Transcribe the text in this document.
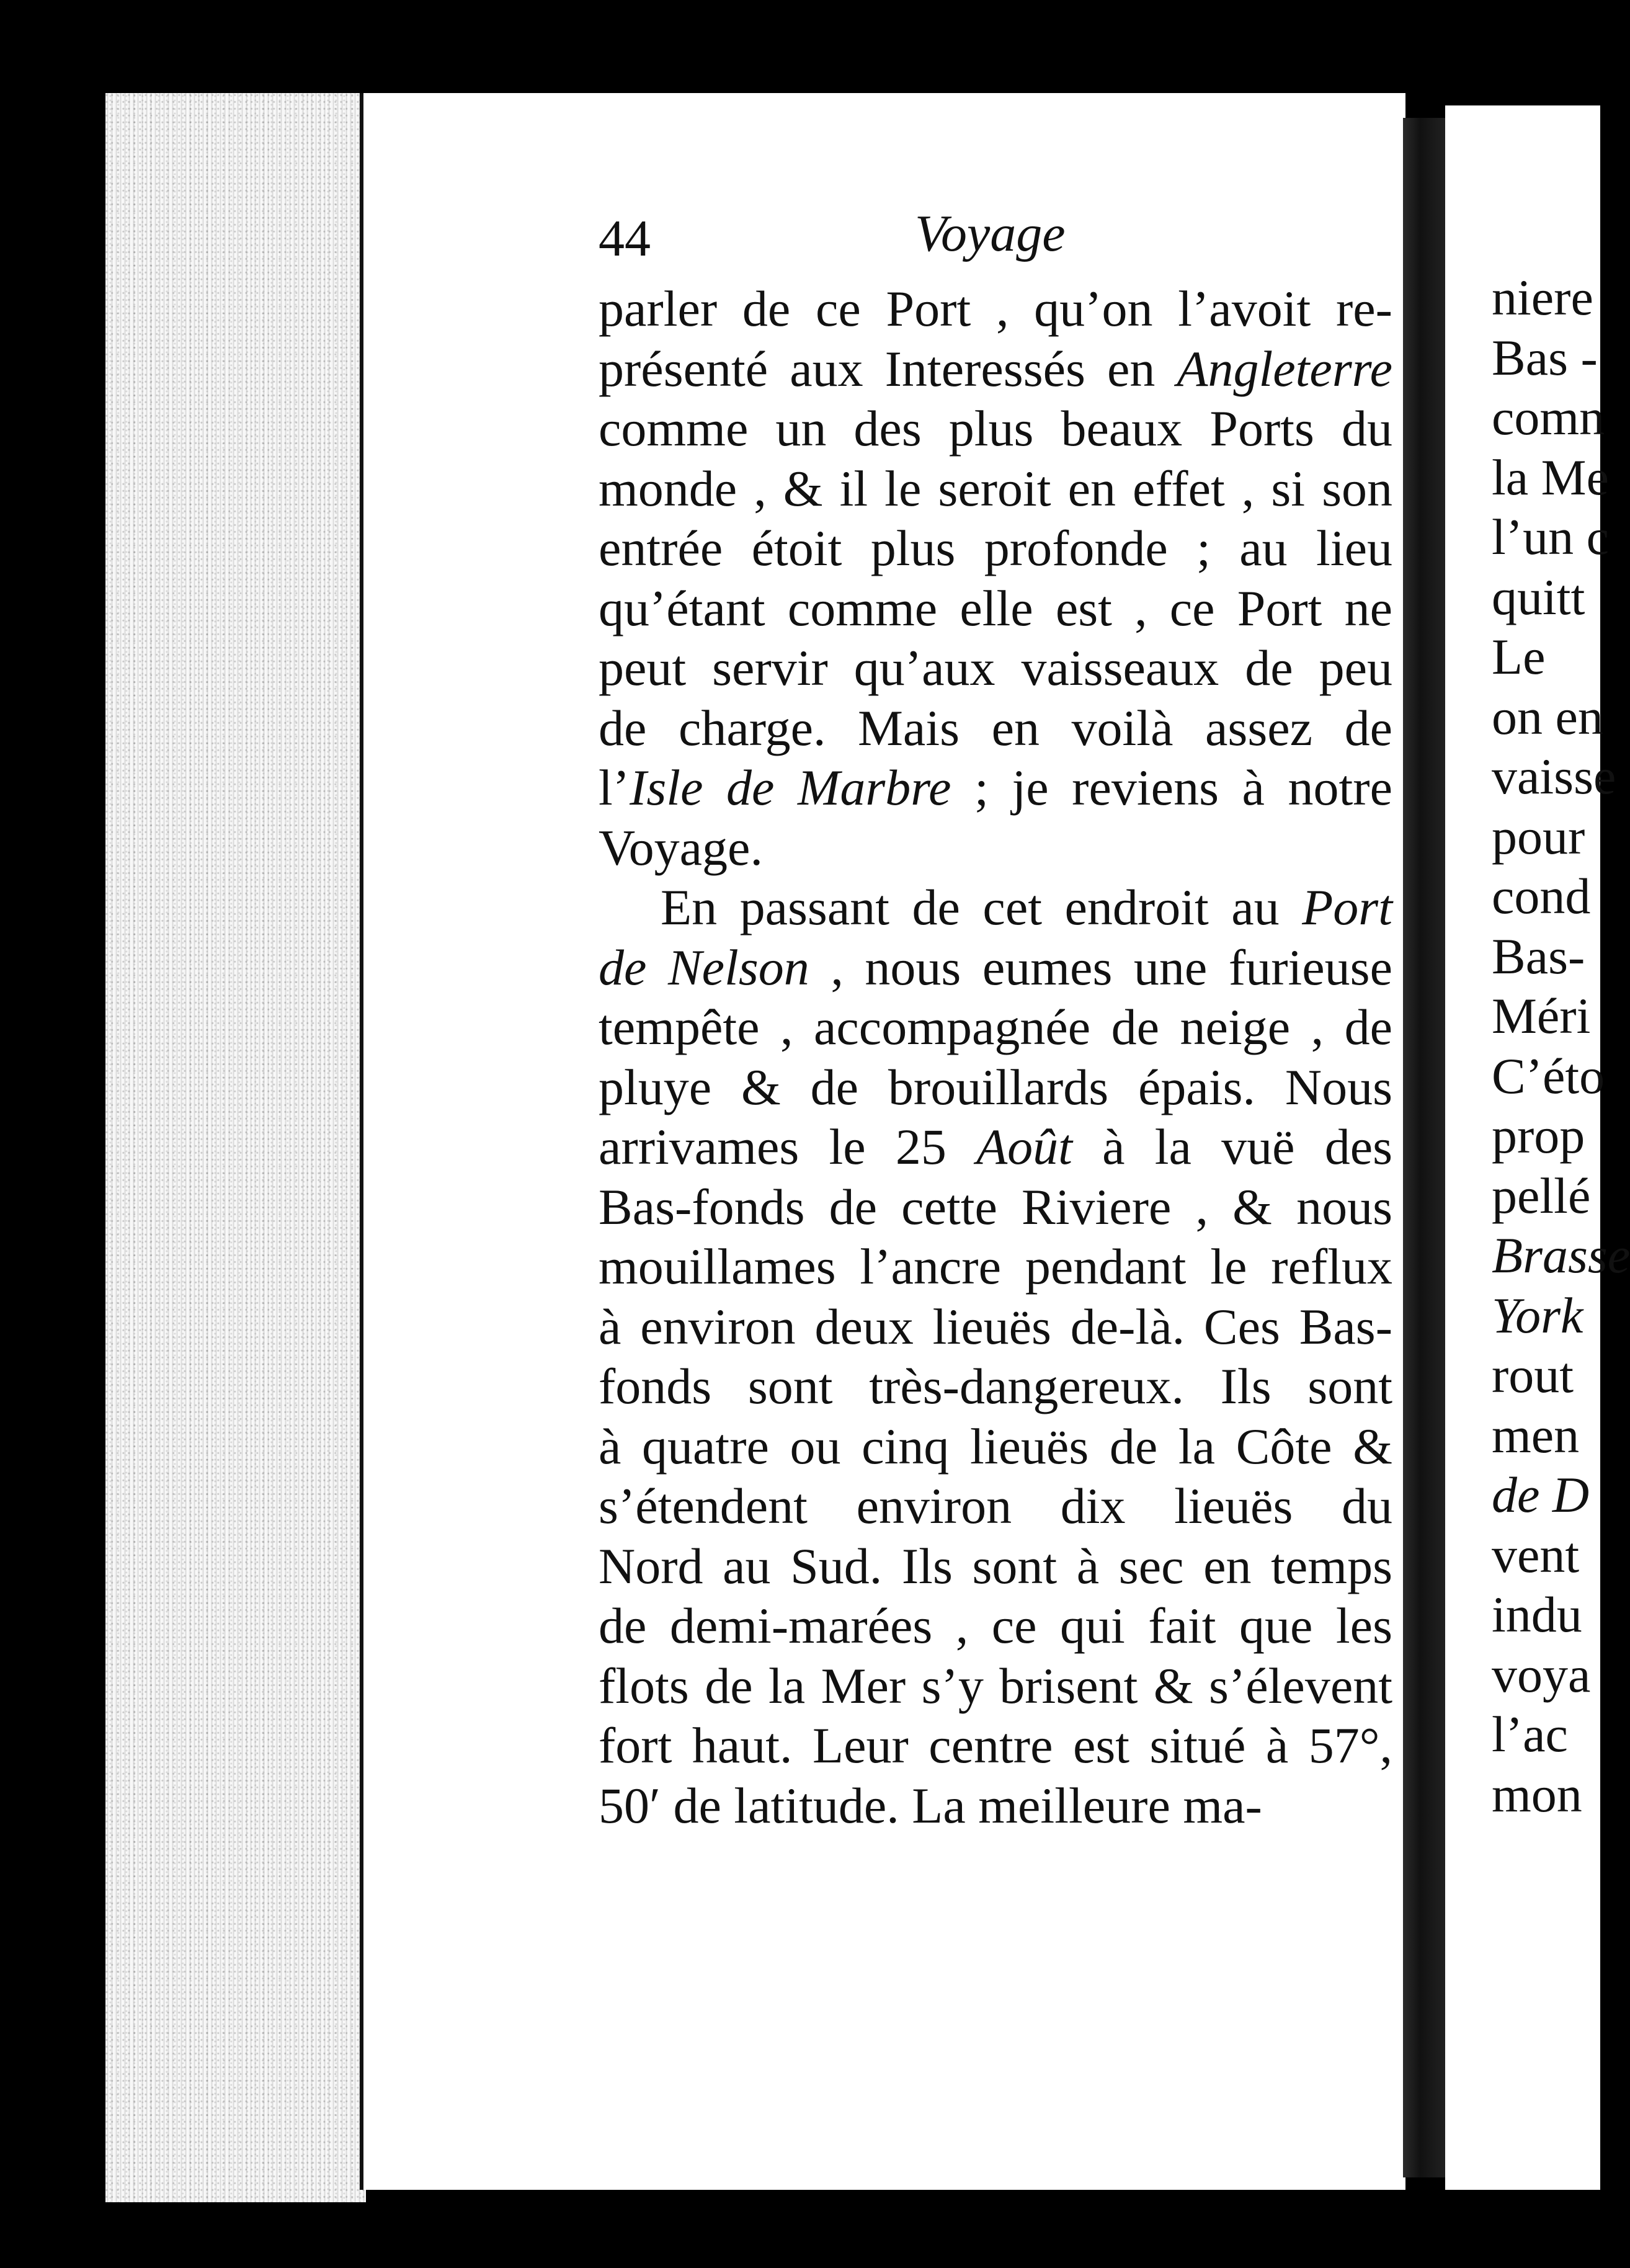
44	Voyage
parler de ce Port , qu’on l’avoit re-
présenté aux Interessés en Angleterre
comme un des plus beaux Ports du
monde , & il le seroit en effet , si son
entrée étoit plus profonde ; au lieu
qu’étant comme elle est , ce Port ne
peut servir qu’aux vaisseaux de peu
de charge. Mais en voilà assez de
l’Isle de Marbre ; je reviens à notre
Voyage.
En passant de cet endroit au Port
de Nelson , nous eumes une furieuse
tempête , accompagnée de neige , de
pluye & de brouillards épais. Nous
arrivames le 25 Août à la vuë des
Bas-fonds de cette Riviere , & nous
mouillames l’ancre pendant le reflux
à environ deux lieuës de-là. Ces Bas-
fonds sont très-dangereux. Ils sont
à quatre ou cinq lieuës de la Côte &
s’étendent environ dix lieuës du
Nord au Sud. Ils sont à sec en temps
de demi-marées , ce qui fait que les
flots de la Mer s’y brisent & s’élevent
fort haut. Leur centre est situé à 57°,
50′ de latitude. La meilleure ma-
niere
Bas -
comn
la Me
l’un c
quitt
Le
on en
vaisse
pour
cond
Bas-
Méri
C’éto
prop
pellé
Brasse
York
rout
men
de D
vent
indu
voya
l’ac
mon
